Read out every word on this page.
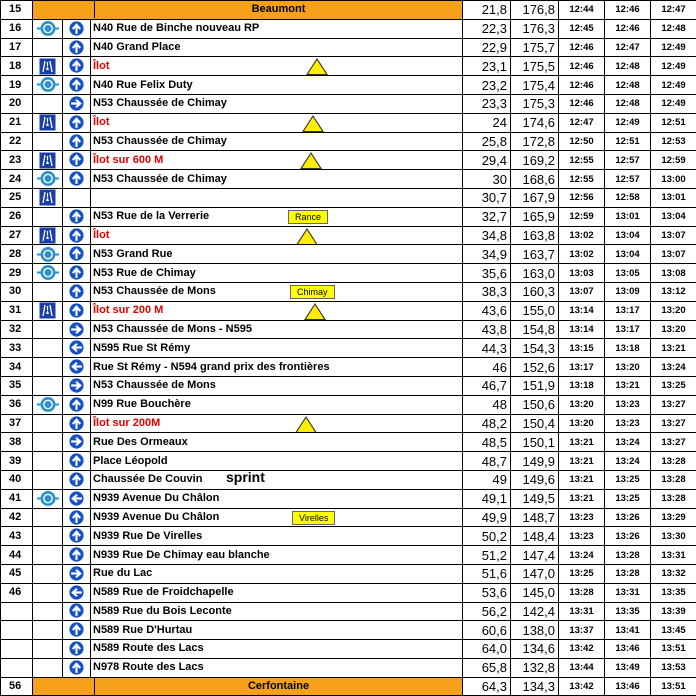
15	Beaumont			21,8	176,8	12:44	12:46	12:47
16			N40 Rue de Binche nouveau RP	22,3	176,3	12:45	12:46	12:48
17			N40 Grand Place	22,9	175,7	12:46	12:47	12:49
18			Îlot	23,1	175,5	12:46	12:48	12:49
19			N40 Rue Felix Duty	23,2	175,4	12:46	12:48	12:49
20			N53 Chaussée de Chimay	23,3	175,3	12:46	12:48	12:49
21			Îlot	24	174,6	12:47	12:49	12:51
22			N53 Chaussée de Chimay	25,8	172,8	12:50	12:51	12:53
23			Îlot sur 600 M	29,4	169,2	12:55	12:57	12:59
24			N53 Chaussée de Chimay	30	168,6	12:55	12:57	13:00
25				30,7	167,9	12:56	12:58	13:01
26			N53 Rue de la Verrerie Rance	32,7	165,9	12:59	13:01	13:04
27			Îlot	34,8	163,8	13:02	13:04	13:07
28			N53 Grand Rue	34,9	163,7	13:02	13:04	13:07
29			N53 Rue de Chimay	35,6	163,0	13:03	13:05	13:08
30			N53 Chaussée de Mons Chimay	38,3	160,3	13:07	13:09	13:12
31			Îlot sur 200 M	43,6	155,0	13:14	13:17	13:20
32			N53 Chaussée de Mons - N595	43,8	154,8	13:14	13:17	13:20
33			N595 Rue St Rémy	44,3	154,3	13:15	13:18	13:21
34			Rue St Rémy - N594 grand prix des frontières	46	152,6	13:17	13:20	13:24
35			N53 Chaussée de Mons	46,7	151,9	13:18	13:21	13:25
36			N99 Rue Bouchère	48	150,6	13:20	13:23	13:27
37			Îlot sur 200M	48,2	150,4	13:20	13:23	13:27
38			Rue Des Ormeaux	48,5	150,1	13:21	13:24	13:27
39			Place Léopold	48,7	149,9	13:21	13:24	13:28
40			Chaussée De Couvin sprint	49	149,6	13:21	13:25	13:28
41			N939 Avenue Du Châlon	49,1	149,5	13:21	13:25	13:28
42			N939 Avenue Du Châlon Virelles	49,9	148,7	13:23	13:26	13:29
43			N939 Rue De Virelles	50,2	148,4	13:23	13:26	13:30
44			N939 Rue De Chimay eau blanche	51,2	147,4	13:24	13:28	13:31
45			Rue du Lac	51,6	147,0	13:25	13:28	13:32
46			N589 Rue de Froidchapelle	53,6	145,0	13:28	13:31	13:35
			N589 Rue du Bois Leconte	56,2	142,4	13:31	13:35	13:39
			N589 Rue D'Hurtau	60,6	138,0	13:37	13:41	13:45
			N589 Route des Lacs	64,0	134,6	13:42	13:46	13:51
			N978 Route des Lacs	65,8	132,8	13:44	13:49	13:53
56	Cerfontaine			64,3	134,3	13:42	13:46	13:51
